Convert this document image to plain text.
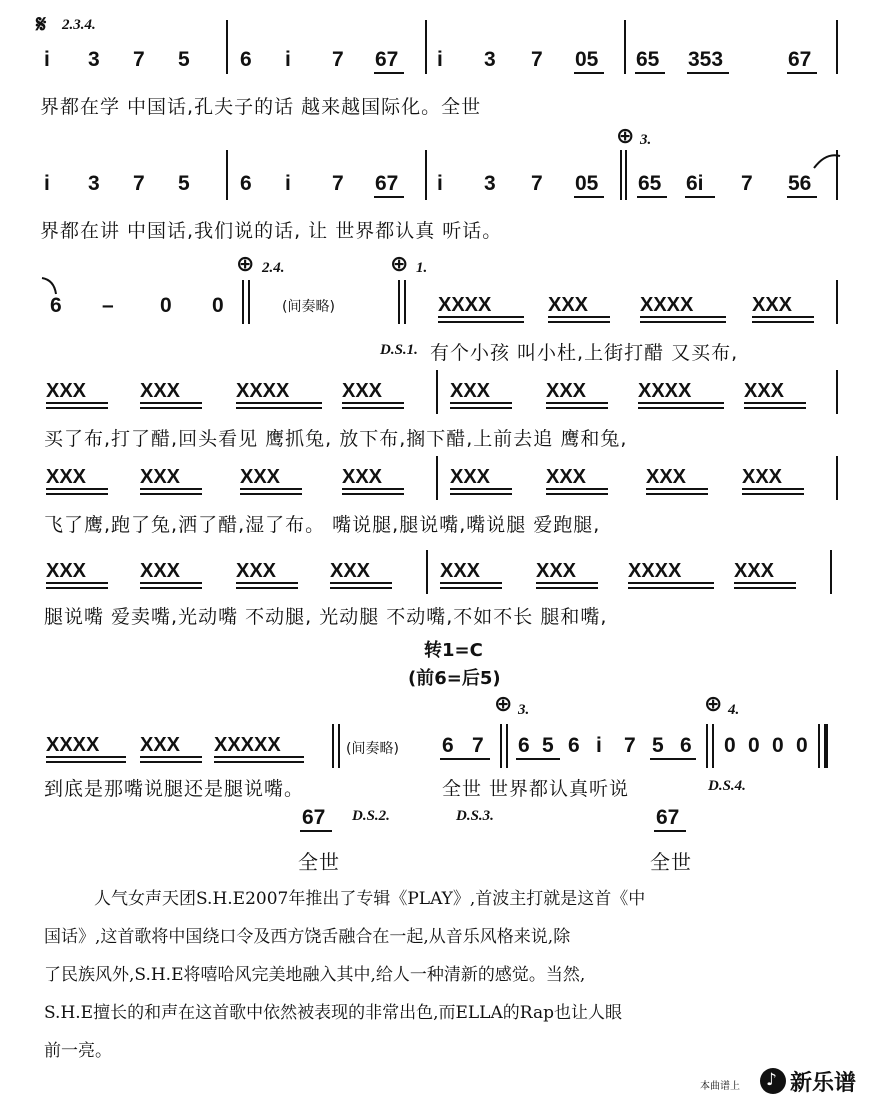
𝄋 2.3.4.
i 3 7 5 6 i 7 67 i 3 7 05 65 353	67
界都在学 中国话,孔夫子的话 越来越国际化。全世
⊕ 3.
i 3 7 5 6 i 7 67 i 3 7 05 65 6i 7 56
界都在讲 中国话,我们说的话, 让 世界都认真 听话。
⊕ 2.4.	⊕ 1.
6 – 0 0	(间奏略)	XXXX	XXX	XXXX	XXX
D.S.1. 有个小孩 叫小杜,上街打醋 又买布,
XXX	XXX	XXXX	XXX	XXX	XXX	XXXX	XXX
买了布,打了醋,回头看见 鹰抓兔, 放下布,搁下醋,上前去追 鹰和兔,
XXX	XXX	XXX	XXX	XXX	XXX	XXX	XXX
飞了鹰,跑了兔,洒了醋,湿了布。 嘴说腿,腿说嘴,嘴说腿 爱跑腿,
XXX	XXX	XXX	XXX	XXX	XXX	XXXX	XXX
腿说嘴 爱卖嘴,光动嘴 不动腿, 光动腿 不动嘴,不如不长 腿和嘴,
转1=C
(前6=后5)
⊕ 3.	⊕ 4.
XXXX XXX XXXXX	(间奏略) 6 7 6 5 6 i 7 5 6 0 0 0 0
到底是那嘴说腿还是腿说嘴。	全世 世界都认真听说	D.S.4.
67 D.S.2.	D.S.3.	67
全世	全世
人气女声天团S.H.E2007年推出了专辑《PLAY》,首波主打就是这首《中
国话》,这首歌将中国绕口令及西方饶舌融合在一起,从音乐风格来说,除
了民族风外,S.H.E将嘻哈风完美地融入其中,给人一种清新的感觉。当然,
S.H.E擅长的和声在这首歌中依然被表现的非常出色,而ELLA的Rap也让人眼
前一亮。
本曲谱上 ♪ 新乐谱
